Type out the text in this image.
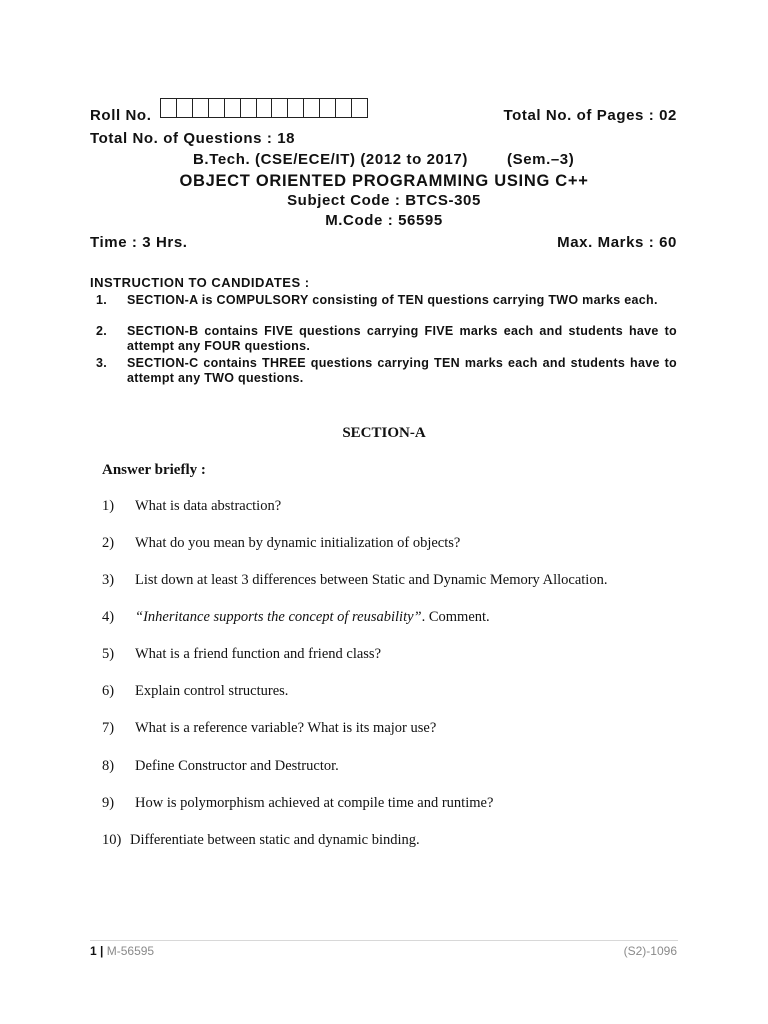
Roll No.	Total No. of Pages : 02
Total No. of Questions : 18
B.Tech. (CSE/ECE/IT) (2012 to 2017)	(Sem.–3)
OBJECT ORIENTED PROGRAMMING USING C++
Subject Code : BTCS-305
M.Code : 56595
Time : 3 Hrs.	Max. Marks : 60
INSTRUCTION TO CANDIDATES :
1.	SECTION-A is COMPULSORY consisting of TEN questions carrying TWO marks each.
2.	SECTION-B contains FIVE questions carrying FIVE marks each and students have to attempt any FOUR questions.
3.	SECTION-C contains THREE questions carrying TEN marks each and students have to attempt any TWO questions.
SECTION-A
Answer briefly :
1) What is data abstraction?
2) What do you mean by dynamic initialization of objects?
3) List down at least 3 differences between Static and Dynamic Memory Allocation.
4) “Inheritance supports the concept of reusability”. Comment.
5) What is a friend function and friend class?
6) Explain control structures.
7) What is a reference variable? What is its major use?
8) Define Constructor and Destructor.
9) How is polymorphism achieved at compile time and runtime?
10) Differentiate between static and dynamic binding.
1 | M-56595	(S2)-1096
